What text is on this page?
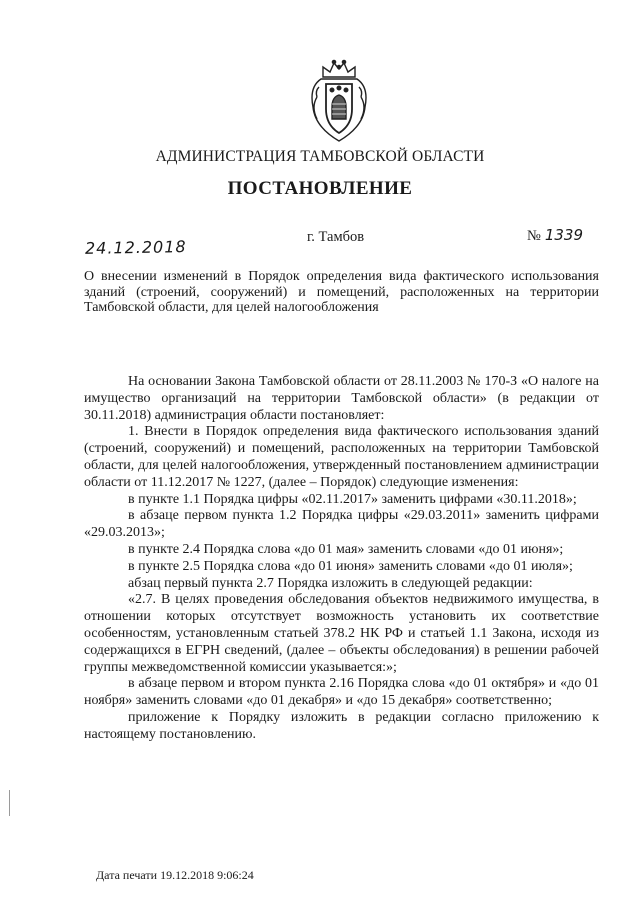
АДМИНИСТРАЦИЯ ТАМБОВСКОЙ ОБЛАСТИ
ПОСТАНОВЛЕНИЕ
24.12.2018
г. Тамбов	№ 1339
О внесении изменений в Порядок определения вида фактического использования зданий (строений, сооружений) и помещений, расположенных на территории Тамбовской области, для целей налогообложения

На основании Закона Тамбовской области от 28.11.2003 № 170-З «О налоге на имущество организаций на территории Тамбовской области» (в редакции от 30.11.2018) администрация области постановляет:

1. Внести в Порядок определения вида фактического использования зданий (строений, сооружений) и помещений, расположенных на территории Тамбовской области, для целей налогообложения, утвержденный постановлением администрации области от 11.12.2017 № 1227, (далее – Порядок) следующие изменения:

в пункте 1.1 Порядка цифры «02.11.2017» заменить цифрами «30.11.2018»;

в абзаце первом пункта 1.2 Порядка цифры «29.03.2011» заменить цифрами «29.03.2013»;

в пункте 2.4 Порядка слова «до 01 мая» заменить словами «до 01 июня»;

в пункте 2.5 Порядка слова «до 01 июня» заменить словами «до 01 июля»;

абзац первый пункта 2.7 Порядка изложить в следующей редакции:

«2.7. В целях проведения обследования объектов недвижимого имущества, в отношении которых отсутствует возможность установить их соответствие особенностям, установленным статьей 378.2 НК РФ и статьей 1.1 Закона, исходя из содержащихся в ЕГРН сведений, (далее – объекты обследования) в решении рабочей группы межведомственной комиссии указывается:»;

в абзаце первом и втором пункта 2.16 Порядка слова «до 01 октября» и «до 01 ноября» заменить словами «до 01 декабря» и «до 15 декабря» соответственно;

приложение к Порядку изложить в редакции согласно приложению к настоящему постановлению.

Дата печати 19.12.2018 9:06:24
